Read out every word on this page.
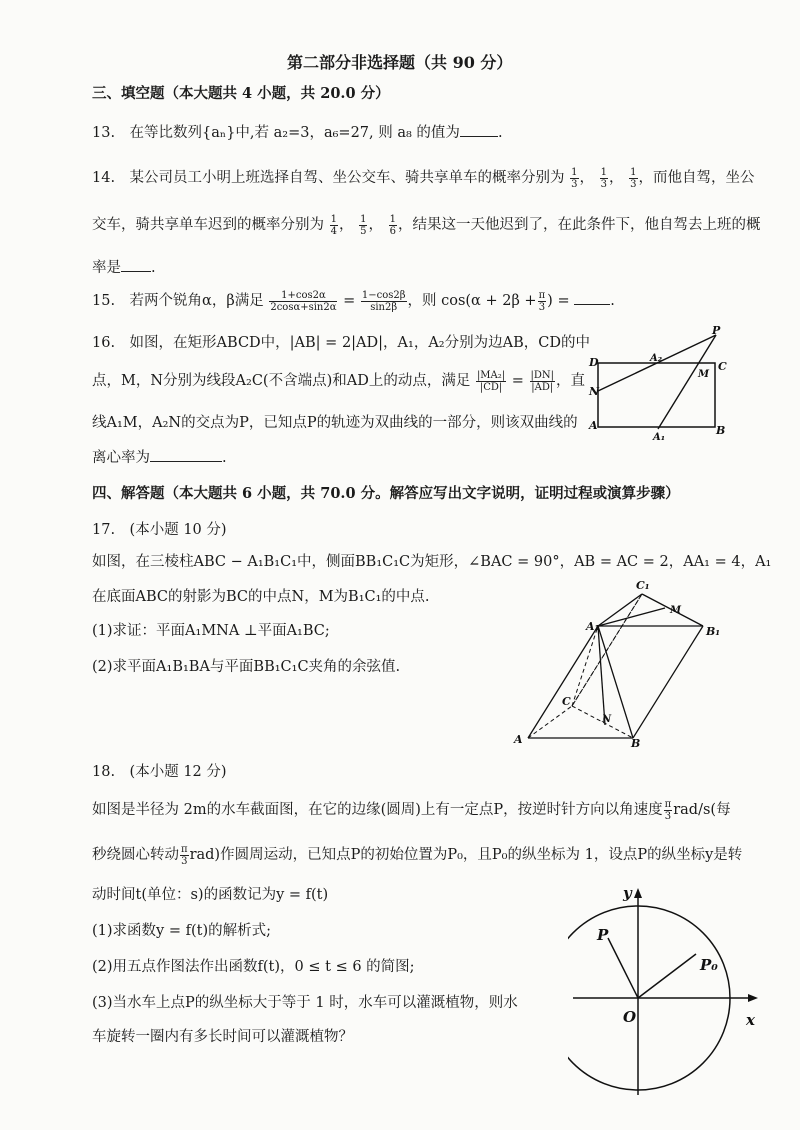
第二部分非选择题（共 90 分）
三、填空题（本大题共 4 小题，共 20.0 分）
13.　在等比数列{aₙ}中,若 a₂=3，a₆=27, 则 a₈ 的值为	.
14.　某公司员工小明上班选择自驾、坐公交车、骑共享单车的概率分别为 $\frac{1}{3}$ ， $\frac{1}{3}$ ， $\frac{1}{3}$ ，而他自驾，坐公
交车，骑共享单车迟到的概率分别为 $\frac{1}{4}$ ， $\frac{1}{5}$ ， $\frac{1}{6}$ ，结果这一天他迟到了，在此条件下，他自驾去上班的概
率是 .
15.　若两个锐角α，β满足 $\frac{1+\cos 2\alpha}{2\cos\alpha+\sin 2\alpha} = \frac{1-\cos 2\beta}{\sin 2\beta}$ ，则 $\cos(\alpha + 2\beta + \frac{\pi}{3}$ ) =	.
16.　如图，在矩形ABCD中，|AB| = 2|AD|，A₁，A₂分别为边AB，CD的中
点，M，N分别为线段A₂C(不含端点)和AD上的动点，满足 $\frac{\text{|MA₂|}}{|CD|} = \frac{|DN|}{|AD|}$ ，直
线A₁M，A₂N的交点为P，已知点P的轨迹为双曲线的一部分，则该双曲线的
离心率为	.
P
D	A₂
C
M
N
A
A₁
B
四、解答题（本大题共 6 小题，共 70.0 分。解答应写出文字说明，证明过程或演算步骤）
17.　(本小题 10 分)
如图，在三棱柱ABC − A₁B₁C₁中，侧面BB₁C₁C为矩形，∠BAC = 90°，AB = AC = 2，AA₁ = 4，A₁
在底面ABC的射影为BC的中点N，M为B₁C₁的中点.
(1)求证：平面A₁MNA ⊥平面A₁BC;
(2)求平面A₁B₁BA与平面BB₁C₁C夹角的余弦值.
C₁
M
A₁	B₁
C
N
A	B
18.　(本小题 12 分)
如图是半径为 2m的水车截面图，在它的边缘(圆周)上有一定点P，按逆时针方向以角速度 $\frac{\pi}{3} rad/s$(每
秒绕圆心转动 $\frac{\pi}{3} rad$)作圆周运动，已知点P的初始位置为P₀，且P₀的纵坐标为 1，设点P的纵坐标y是转
动时间t(单位：s)的函数记为y = f(t)
(1)求函数y = f(t)的解析式;
(2)用五点作图法作出函数f(t)，0 ≤ t ≤ 6 的简图;
(3)当水车上点P的纵坐标大于等于 1 时，水车可以灌溉植物，则水
车旋转一圈内有多长时间可以灌溉植物？
y
x
O
P
P₀
